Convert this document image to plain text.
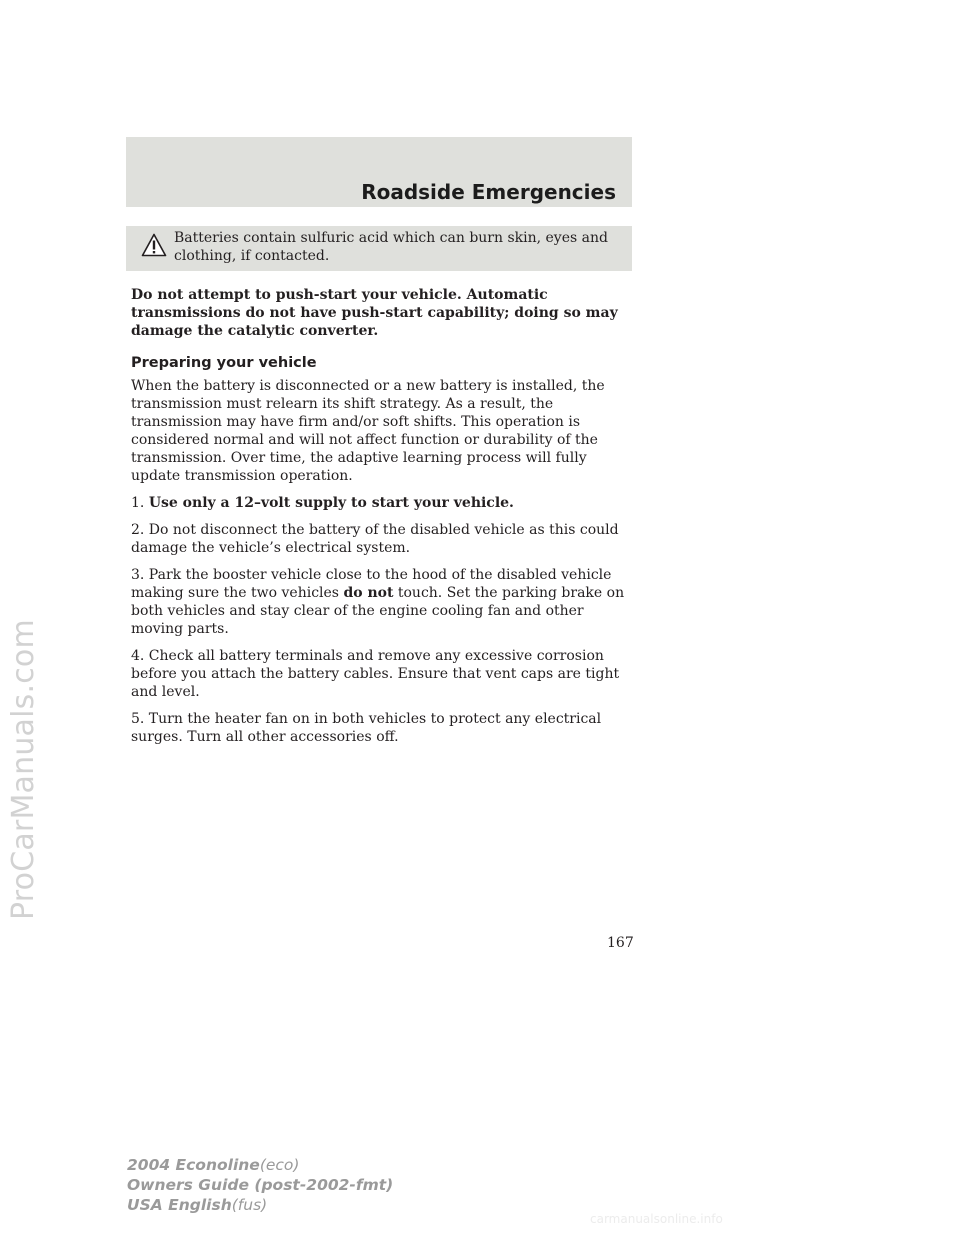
ProCarManuals.com
Roadside Emergencies
Batteries contain sulfuric acid which can burn skin, eyes and clothing, if contacted.

Do not attempt to push-start your vehicle. Automatic transmissions do not have push-start capability; doing so may damage the catalytic converter.

Preparing your vehicle

When the battery is disconnected or a new battery is installed, the transmission must relearn its shift strategy. As a result, the transmission may have firm and/or soft shifts. This operation is considered normal and will not affect function or durability of the transmission. Over time, the adaptive learning process will fully update transmission operation.

1. Use only a 12–volt supply to start your vehicle.

2. Do not disconnect the battery of the disabled vehicle as this could damage the vehicle’s electrical system.

3. Park the booster vehicle close to the hood of the disabled vehicle making sure the two vehicles do not touch. Set the parking brake on both vehicles and stay clear of the engine cooling fan and other moving parts.

4. Check all battery terminals and remove any excessive corrosion before you attach the battery cables. Ensure that vent caps are tight and level.

5. Turn the heater fan on in both vehicles to protect any electrical surges. Turn all other accessories off.

167
2004 Econoline(eco)
Owners Guide (post-2002-fmt)
USA English(fus)
carmanualsonline.info
